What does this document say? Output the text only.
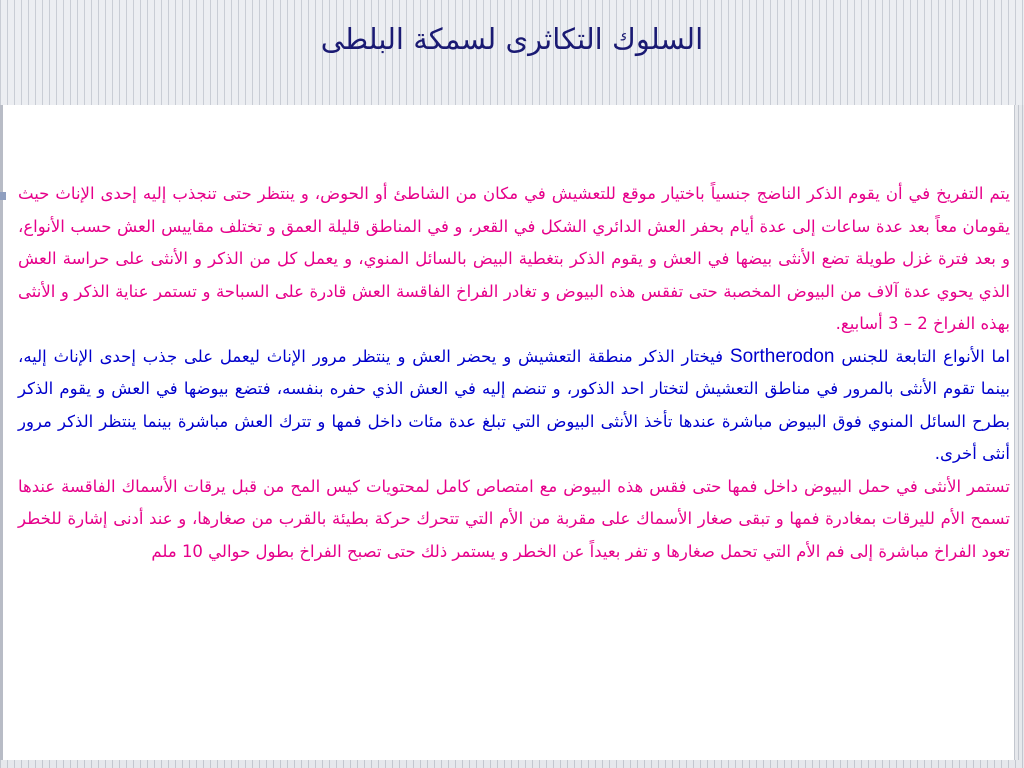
السلوك التكاثرى لسمكة البلطى

يتم التفريخ في أن يقوم الذكر الناضج جنسياً باختيار موقع للتعشيش في مكان من الشاطئ أو الحوض، و ينتظر حتى تنجذب إليه إحدى الإناث حيث يقومان معاً بعد عدة ساعات إلى عدة أيام بحفر العش الدائري الشكل في القعر، و في المناطق قليلة العمق و تختلف مقاييس العش حسب الأنواع، و بعد فترة غزل طويلة تضع الأنثى بيضها في العش و يقوم الذكر بتغطية البيض بالسائل المنوي، و يعمل كل من الذكر و الأنثى على حراسة العش الذي يحوي عدة آلاف من البيوض المخصبة حتى تفقس هذه البيوض و تغادر الفراخ الفاقسة العش قادرة على السباحة و تستمر عناية الذكر و الأنثى بهذه الفراخ 2 – 3 أسابيع.

اما الأنواع التابعة للجنس Sortherodon فيختار الذكر منطقة التعشيش و يحضر العش و ينتظر مرور الإناث ليعمل على جذب إحدى الإناث إليه، بينما تقوم الأنثى بالمرور في مناطق التعشيش لتختار احد الذكور، و تنضم إليه في العش الذي حفره بنفسه، فتضع بيوضها في العش و يقوم الذكر بطرح السائل المنوي فوق البيوض مباشرة عندها تأخذ الأنثى البيوض التي تبلغ عدة مئات داخل فمها و تترك العش مباشرة بينما ينتظر الذكر مرور أنثى أخرى.

تستمر الأنثى في حمل البيوض داخل فمها حتى فقس هذه البيوض مع امتصاص كامل لمحتويات كيس المح من قبل يرقات الأسماك الفاقسة عندها تسمح الأم لليرقات بمغادرة فمها و تبقى صغار الأسماك على مقربة من الأم التي تتحرك حركة بطيئة بالقرب من صغارها، و عند أدنى إشارة للخطر تعود الفراخ مباشرة إلى فم الأم التي تحمل صغارها و تفر بعيداً عن الخطر و يستمر ذلك حتى تصبح الفراخ بطول حوالي 10 ملم
